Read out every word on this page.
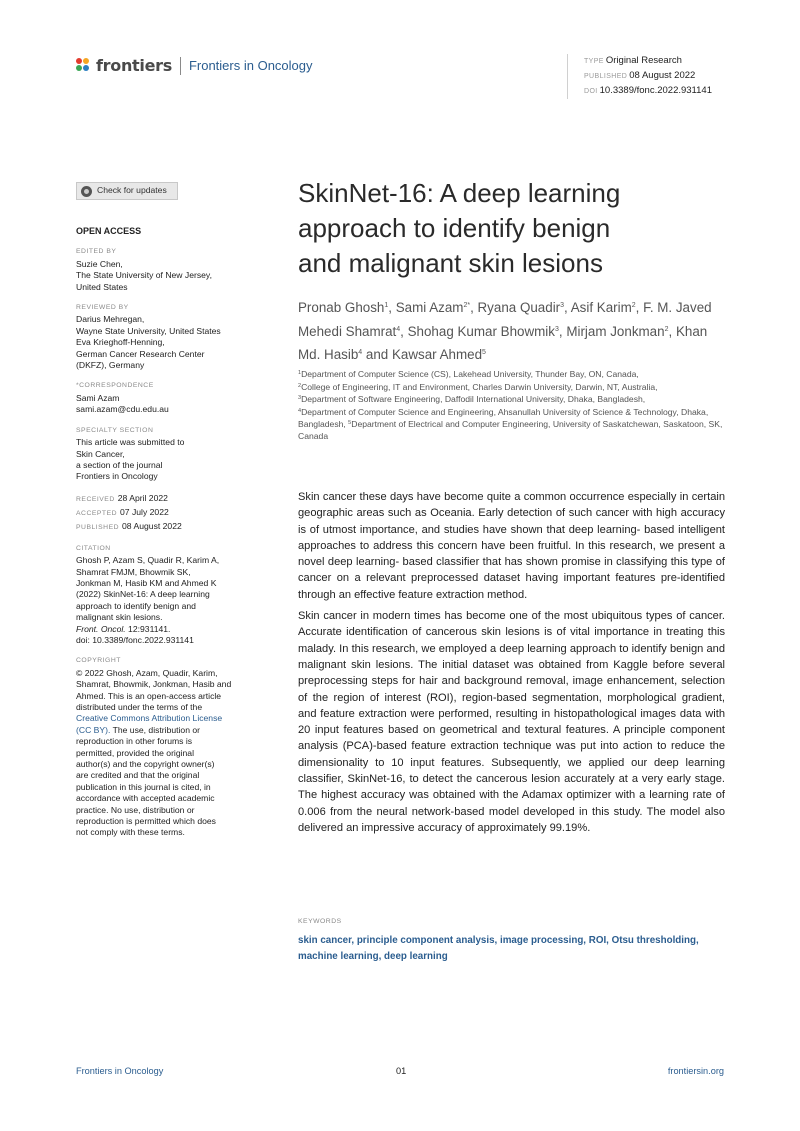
frontiers Frontiers in Oncology	TYPE Original Research
PUBLISHED 08 August 2022
DOI 10.3389/fonc.2022.931141
Check for updates
OPEN ACCESS
EDITED BY
Suzie Chen,
The State University of New Jersey,
United States
REVIEWED BY
Darius Mehregan,
Wayne State University, United States
Eva Krieghoff-Henning,
German Cancer Research Center
(DKFZ), Germany
*CORRESPONDENCE
Sami Azam
sami.azam@cdu.edu.au
SPECIALTY SECTION
This article was submitted to
Skin Cancer,
a section of the journal
Frontiers in Oncology
RECEIVED 28 April 2022
ACCEPTED 07 July 2022
PUBLISHED 08 August 2022
CITATION
Ghosh P, Azam S, Quadir R, Karim A,
Shamrat FMJM, Bhowmik SK,
Jonkman M, Hasib KM and Ahmed K
(2022) SkinNet-16: A deep learning
approach to identify benign and
malignant skin lesions.
Front. Oncol. 12:931141.
doi: 10.3389/fonc.2022.931141
COPYRIGHT
© 2022 Ghosh, Azam, Quadir, Karim,
Shamrat, Bhowmik, Jonkman, Hasib and
Ahmed. This is an open-access article
distributed under the terms of the
Creative Commons Attribution License
(CC BY). The use, distribution or
reproduction in other forums is
permitted, provided the original
author(s) and the copyright owner(s)
are credited and that the original
publication in this journal is cited, in
accordance with accepted academic
practice. No use, distribution or
reproduction is permitted which does
not comply with these terms.
SkinNet-16: A deep learning
approach to identify benign
and malignant skin lesions
Pronab Ghosh$^1$, Sami Azam$^{2*}$, Ryana Quadir$^3$, Asif Karim$^2$, F. M. Javed Mehedi Shamrat$^4$, Shohag Kumar Bhowmik$^3$, Mirjam Jonkman$^2$, Khan Md. Hasib$^4$ and Kawsar Ahmed$^5$
$^1$Department of Computer Science (CS), Lakehead University, Thunder Bay, ON, Canada,
$^2$College of Engineering, IT and Environment, Charles Darwin University, Darwin, NT, Australia,
$^3$Department of Software Engineering, Daffodil International University, Dhaka, Bangladesh,
$^4$Department of Computer Science and Engineering, Ahsanullah University of Science & Technology, Dhaka, Bangladesh, $^5$Department of Electrical and Computer Engineering, University of Saskatchewan, Saskatoon, SK, Canada

Skin cancer these days have become quite a common occurrence especially in certain geographic areas such as Oceania. Early detection of such cancer with high accuracy is of utmost importance, and studies have shown that deep learning- based intelligent approaches to address this concern have been fruitful. In this research, we present a novel deep learning- based classifier that has shown promise in classifying this type of cancer on a relevant preprocessed dataset having important features pre-identified through an effective feature extraction method.

Skin cancer in modern times has become one of the most ubiquitous types of cancer. Accurate identification of cancerous skin lesions is of vital importance in treating this malady. In this research, we employed a deep learning approach to identify benign and malignant skin lesions. The initial dataset was obtained from Kaggle before several preprocessing steps for hair and background removal, image enhancement, selection of the region of interest (ROI), region-based segmentation, morphological gradient, and feature extraction were performed, resulting in histopathological images data with 20 input features based on geometrical and textural features. A principle component analysis (PCA)-based feature extraction technique was put into action to reduce the dimensionality to 10 input features. Subsequently, we applied our deep learning classifier, SkinNet-16, to detect the cancerous lesion accurately at a very early stage. The highest accuracy was obtained with the Adamax optimizer with a learning rate of 0.006 from the neural network-based model developed in this study. The model also delivered an impressive accuracy of approximately 99.19%.

KEYWORDS
skin cancer, principle component analysis, image processing, ROI, Otsu thresholding, machine learning, deep learning
Frontiers in Oncology	01	frontiersin.org
